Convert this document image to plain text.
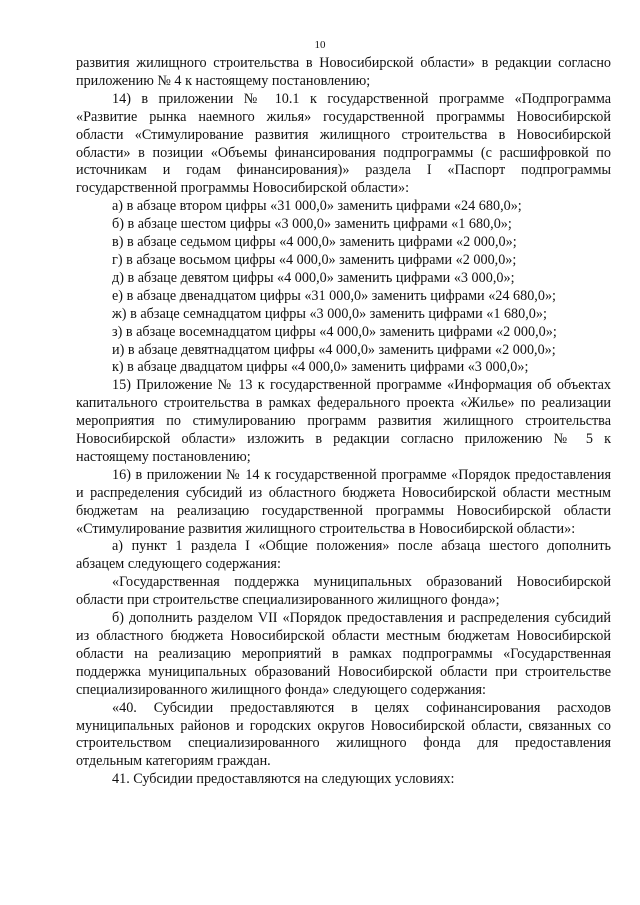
10

развития жилищного строительства в Новосибирской области» в редакции согласно приложению № 4 к настоящему постановлению;

14) в приложении № 10.1 к государственной программе «Подпрограмма «Развитие рынка наемного жилья» государственной программы Новосибирской области «Стимулирование развития жилищного строительства в Новосибирской области» в позиции «Объемы финансирования подпрограммы (с расшифровкой по источникам и годам финансирования)» раздела I «Паспорт подпрограммы государственной программы Новосибирской области»:

а) в абзаце втором цифры «31 000,0» заменить цифрами «24 680,0»;

б) в абзаце шестом цифры «3 000,0» заменить цифрами «1 680,0»;

в) в абзаце седьмом цифры «4 000,0» заменить цифрами «2 000,0»;

г) в абзаце восьмом цифры «4 000,0» заменить цифрами «2 000,0»;

д) в абзаце девятом цифры «4 000,0» заменить цифрами «3 000,0»;

е) в абзаце двенадцатом цифры «31 000,0» заменить цифрами «24 680,0»;

ж) в абзаце семнадцатом цифры «3 000,0» заменить цифрами «1 680,0»;

з) в абзаце восемнадцатом цифры «4 000,0» заменить цифрами «2 000,0»;

и) в абзаце девятнадцатом цифры «4 000,0» заменить цифрами «2 000,0»;

к) в абзаце двадцатом цифры «4 000,0» заменить цифрами «3 000,0»;

15) Приложение № 13 к государственной программе «Информация об объектах капитального строительства в рамках федерального проекта «Жилье» по реализации мероприятия по стимулированию программ развития жилищного строительства Новосибирской области» изложить в редакции согласно приложению № 5 к настоящему постановлению;

16) в приложении № 14 к государственной программе «Порядок предоставления и распределения субсидий из областного бюджета Новосибирской области местным бюджетам на реализацию государственной программы Новосибирской области «Стимулирование развития жилищного строительства в Новосибирской области»:

а) пункт 1 раздела I «Общие положения» после абзаца шестого дополнить абзацем следующего содержания:

«Государственная поддержка муниципальных образований Новосибирской области при строительстве специализированного жилищного фонда»;

б) дополнить разделом VII «Порядок предоставления и распределения субсидий из областного бюджета Новосибирской области местным бюджетам Новосибирской области на реализацию мероприятий в рамках подпрограммы «Государственная поддержка муниципальных образований Новосибирской области при строительстве специализированного жилищного фонда» следующего содержания:

«40. Субсидии предоставляются в целях софинансирования расходов муниципальных районов и городских округов Новосибирской области, связанных со строительством специализированного жилищного фонда для предоставления отдельным категориям граждан.

41. Субсидии предоставляются на следующих условиях:
